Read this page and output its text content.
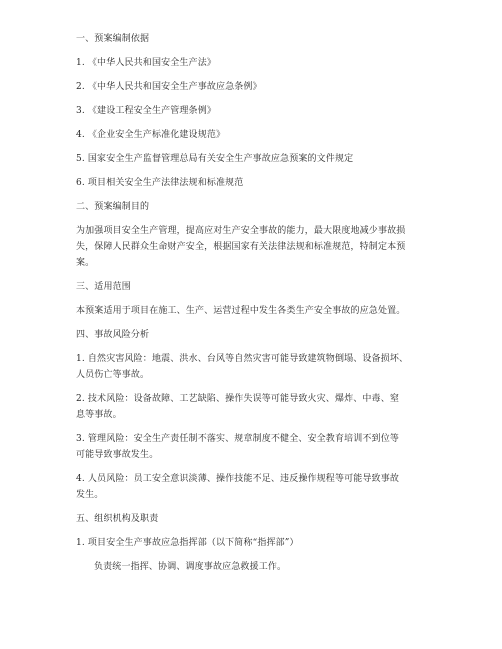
一、预案编制依据
1. 《中华人民共和国安全生产法》
2. 《中华人民共和国安全生产事故应急条例》
3. 《建设工程安全生产管理条例》
4. 《企业安全生产标准化建设规范》
5. 国家安全生产监督管理总局有关安全生产事故应急预案的文件规定
6. 项目相关安全生产法律法规和标准规范
二、预案编制目的
为加强项目安全生产管理，提高应对生产安全事故的能力，最大限度地减少事故损
失，保障人民群众生命财产安全，根据国家有关法律法规和标准规范，特制定本预
案。
三、适用范围
本预案适用于项目在施工、生产、运营过程中发生各类生产安全事故的应急处置。
四、事故风险分析
1. 自然灾害风险：地震、洪水、台风等自然灾害可能导致建筑物倒塌、设备损坏、
人员伤亡等事故。
2. 技术风险：设备故障、工艺缺陷、操作失误等可能导致火灾、爆炸、中毒、窒
息等事故。
3. 管理风险：安全生产责任制不落实、规章制度不健全、安全教育培训不到位等
可能导致事故发生。
4. 人员风险：员工安全意识淡薄、操作技能不足、违反操作规程等可能导致事故
发生。
五、组织机构及职责
1. 项目安全生产事故应急指挥部（以下简称“指挥部”）
负责统一指挥、协调、调度事故应急救援工作。
